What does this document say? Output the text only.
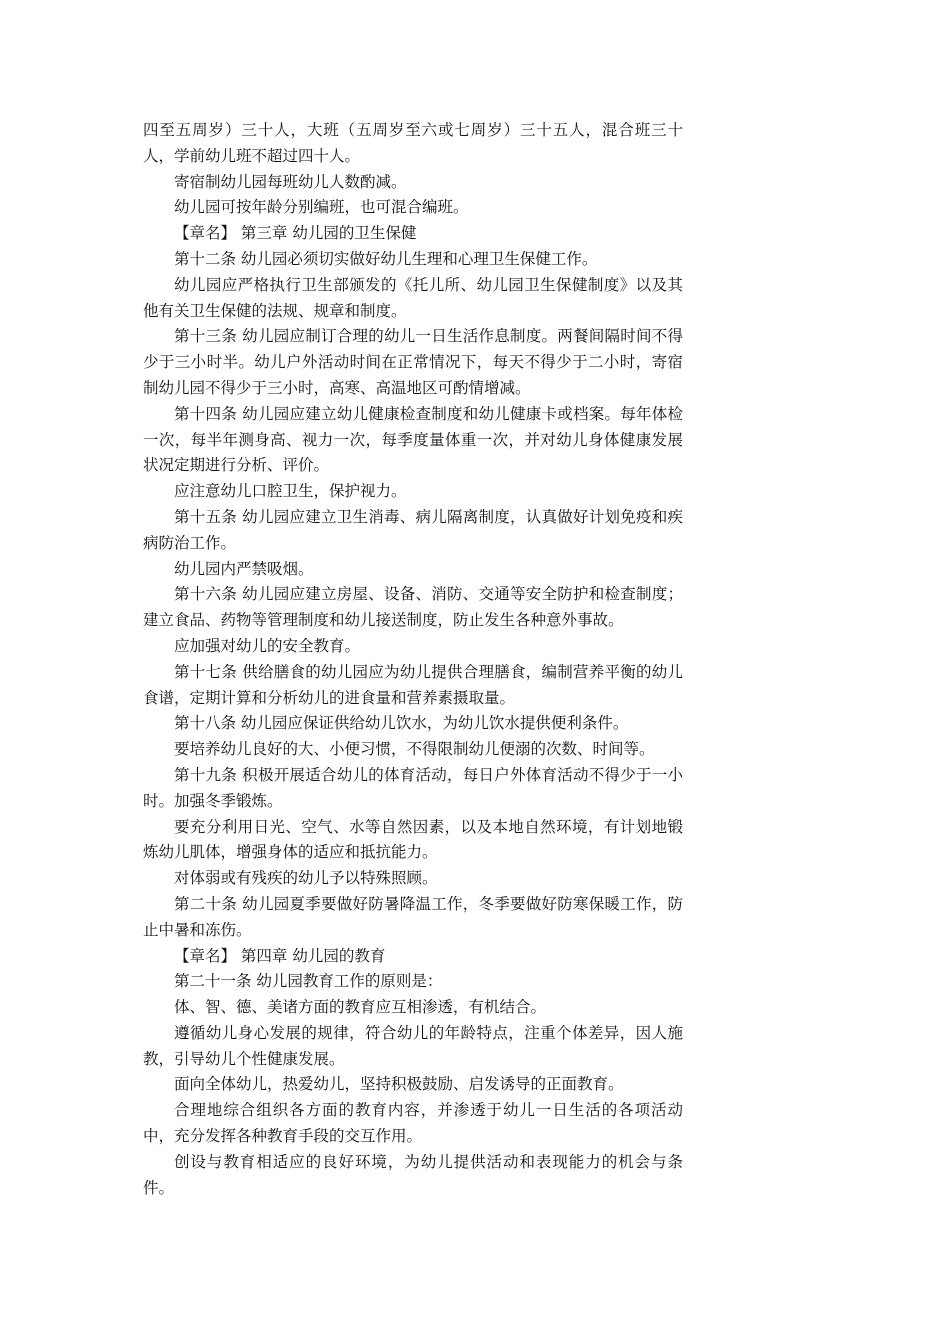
四至五周岁）三十人，大班（五周岁至六或七周岁）三十五人，混合班三十人，学前幼儿班不超过四十人。

寄宿制幼儿园每班幼儿人数酌减。

幼儿园可按年龄分别编班，也可混合编班。

【章名】 第三章 幼儿园的卫生保健

第十二条 幼儿园必须切实做好幼儿生理和心理卫生保健工作。

幼儿园应严格执行卫生部颁发的《托儿所、幼儿园卫生保健制度》以及其他有关卫生保健的法规、规章和制度。

第十三条 幼儿园应制订合理的幼儿一日生活作息制度。两餐间隔时间不得少于三小时半。幼儿户外活动时间在正常情况下，每天不得少于二小时，寄宿制幼儿园不得少于三小时，高寒、高温地区可酌情增减。

第十四条 幼儿园应建立幼儿健康检查制度和幼儿健康卡或档案。每年体检一次，每半年测身高、视力一次，每季度量体重一次，并对幼儿身体健康发展状况定期进行分析、评价。

应注意幼儿口腔卫生，保护视力。

第十五条 幼儿园应建立卫生消毒、病儿隔离制度，认真做好计划免疫和疾病防治工作。

幼儿园内严禁吸烟。

第十六条 幼儿园应建立房屋、设备、消防、交通等安全防护和检查制度；建立食品、药物等管理制度和幼儿接送制度，防止发生各种意外事故。

应加强对幼儿的安全教育。

第十七条 供给膳食的幼儿园应为幼儿提供合理膳食，编制营养平衡的幼儿食谱，定期计算和分析幼儿的进食量和营养素摄取量。

第十八条 幼儿园应保证供给幼儿饮水，为幼儿饮水提供便利条件。

要培养幼儿良好的大、小便习惯，不得限制幼儿便溺的次数、时间等。

第十九条 积极开展适合幼儿的体育活动，每日户外体育活动不得少于一小时。加强冬季锻炼。

要充分利用日光、空气、水等自然因素，以及本地自然环境，有计划地锻炼幼儿肌体，增强身体的适应和抵抗能力。

对体弱或有残疾的幼儿予以特殊照顾。

第二十条 幼儿园夏季要做好防暑降温工作，冬季要做好防寒保暖工作，防止中暑和冻伤。

【章名】 第四章 幼儿园的教育

第二十一条 幼儿园教育工作的原则是：

体、智、德、美诸方面的教育应互相渗透，有机结合。

遵循幼儿身心发展的规律，符合幼儿的年龄特点，注重个体差异，因人施教，引导幼儿个性健康发展。

面向全体幼儿，热爱幼儿，坚持积极鼓励、启发诱导的正面教育。

合理地综合组织各方面的教育内容，并渗透于幼儿一日生活的各项活动中，充分发挥各种教育手段的交互作用。

创设与教育相适应的良好环境，为幼儿提供活动和表现能力的机会与条件。
